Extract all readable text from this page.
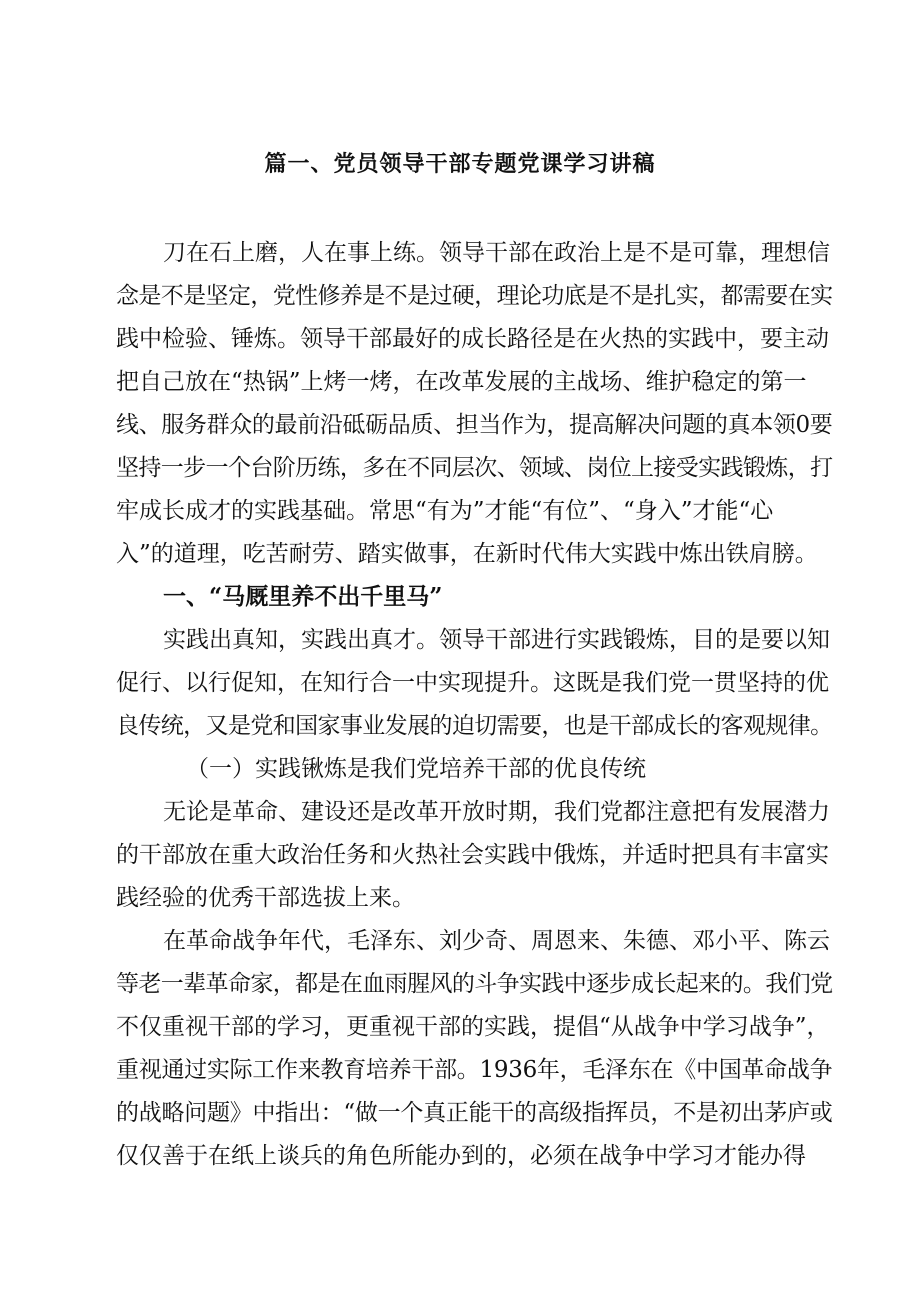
篇一、党员领导干部专题党课学习讲稿
刀在石上磨，人在事上练。领导干部在政治上是不是可靠，理想信
念是不是坚定，党性修养是不是过硬，理论功底是不是扎实，都需要在实
践中检验、锤炼。领导干部最好的成长路径是在火热的实践中，要主动
把自己放在“热锅”上烤一烤，在改革发展的主战场、维护稳定的第一
线、服务群众的最前沿砥砺品质、担当作为，提高解决问题的真本领0要
坚持一步一个台阶历练，多在不同层次、领域、岗位上接受实践锻炼，打
牢成长成才的实践基础。常思“有为”才能“有位”、“身入”才能“心
入”的道理，吃苦耐劳、踏实做事，在新时代伟大实践中炼出铁肩膀。
一、“马厩里养不出千里马”
实践出真知，实践出真才。领导干部进行实践锻炼，目的是要以知
促行、以行促知，在知行合一中实现提升。这既是我们党一贯坚持的优
良传统，又是党和国家事业发展的迫切需要，也是干部成长的客观规律。
（一）实践锹炼是我们党培养干部的优良传统
无论是革命、建设还是改革开放时期，我们党都注意把有发展潜力
的干部放在重大政治任务和火热社会实践中俄炼，并适时把具有丰富实
践经验的优秀干部选拔上来。
在革命战争年代，毛泽东、刘少奇、周恩来、朱德、邓小平、陈云
等老一辈革命家，都是在血雨腥风的斗争实践中逐步成长起来的。我们党
不仅重视干部的学习，更重视干部的实践，提倡“从战争中学习战争”，
重视通过实际工作来教育培养干部。1936年，毛泽东在《中国革命战争
的战略问题》中指出：“做一个真正能干的高级指挥员，不是初出茅庐或
仅仅善于在纸上谈兵的角色所能办到的，必须在战争中学习才能办得
